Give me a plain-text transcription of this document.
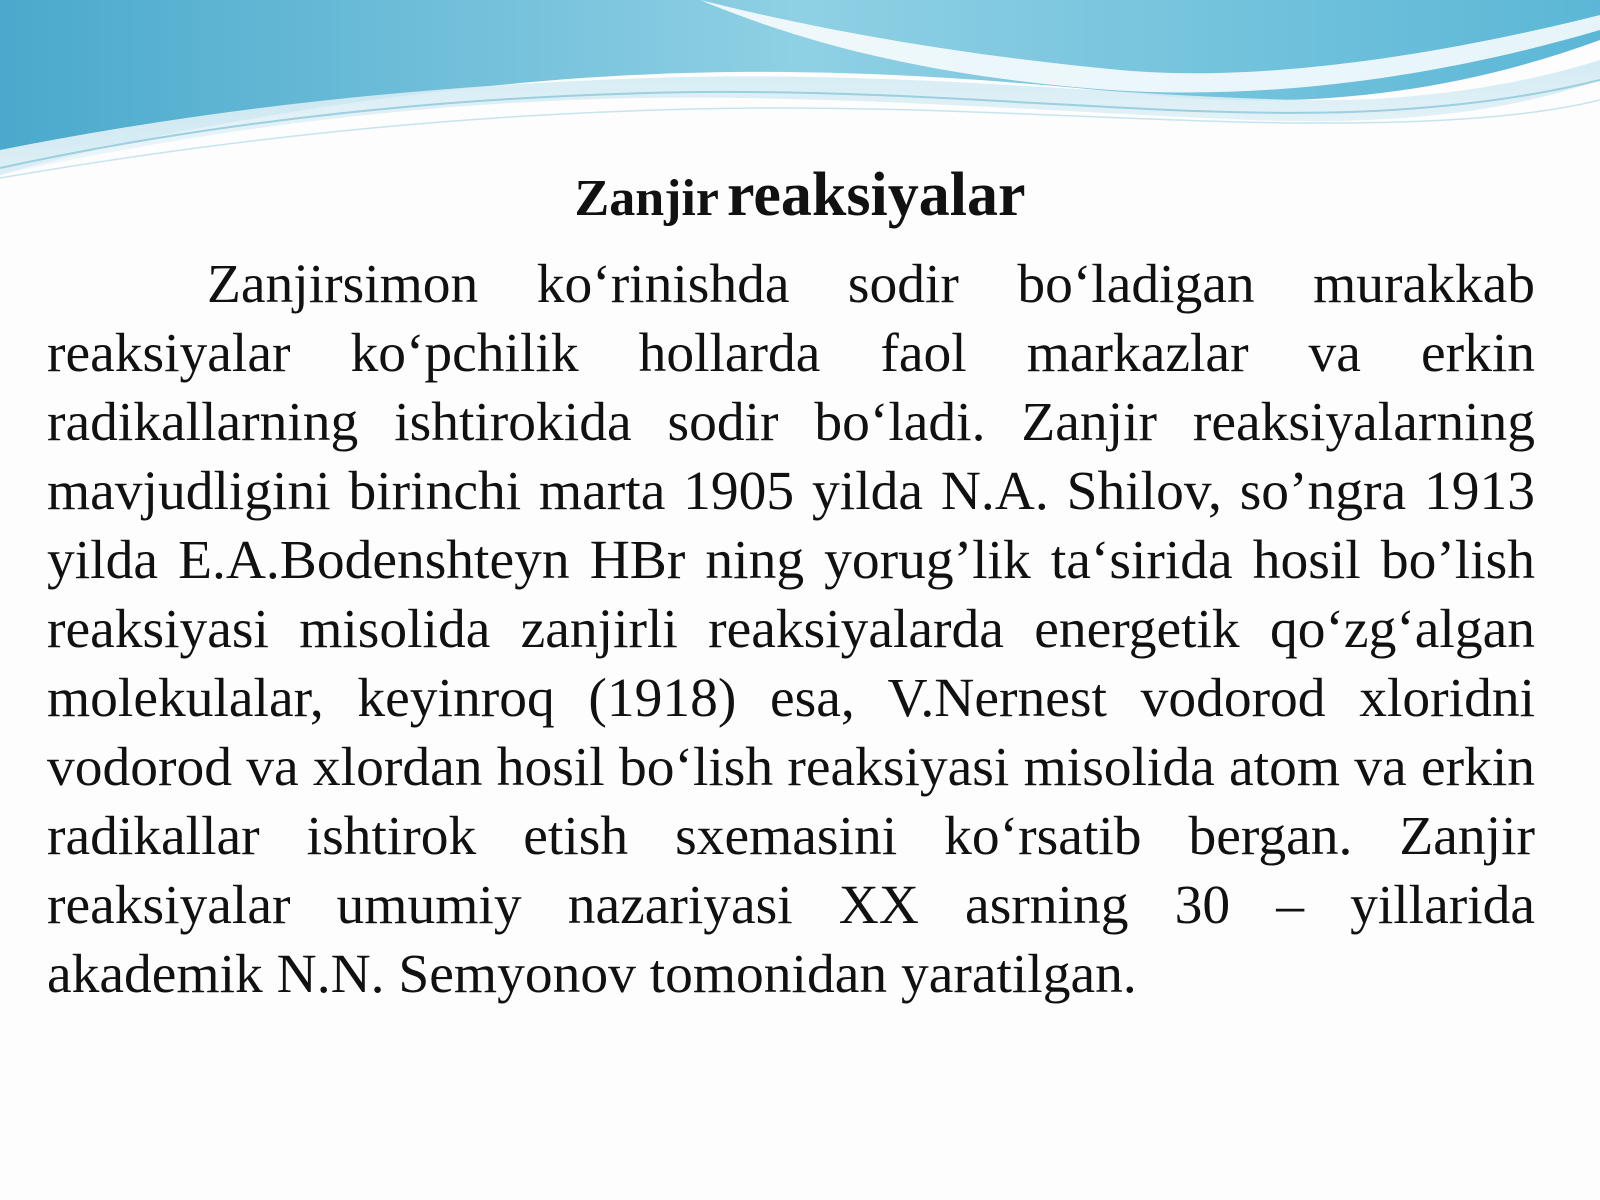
Zanjir reaksiyalar

Zanjirsimon ko‘rinishda sodir bo‘ladigan murakkab reaksiyalar ko‘pchilik hollarda faol markazlar va erkin radikallarning ishtirokida sodir bo‘ladi. Zanjir reaksiyalarning mavjudligini birinchi marta 1905 yilda N.A. Shilov, so’ngra 1913 yilda E.A.Bodenshteyn HBr ning yorug’lik ta‘sirida hosil bo’lish reaksiyasi misolida zanjirli reaksiyalarda energetik qo‘zg‘algan molekulalar, keyinroq (1918) esa, V.Nernest vodorod xloridni vodorod va xlordan hosil bo‘lish reaksiyasi misolida atom va erkin radikallar ishtirok etish sxemasini ko‘rsatib bergan. Zanjir reaksiyalar umumiy nazariyasi XX asrning 30 – yillarida akademik N.N. Semyonov tomonidan yaratilgan.
